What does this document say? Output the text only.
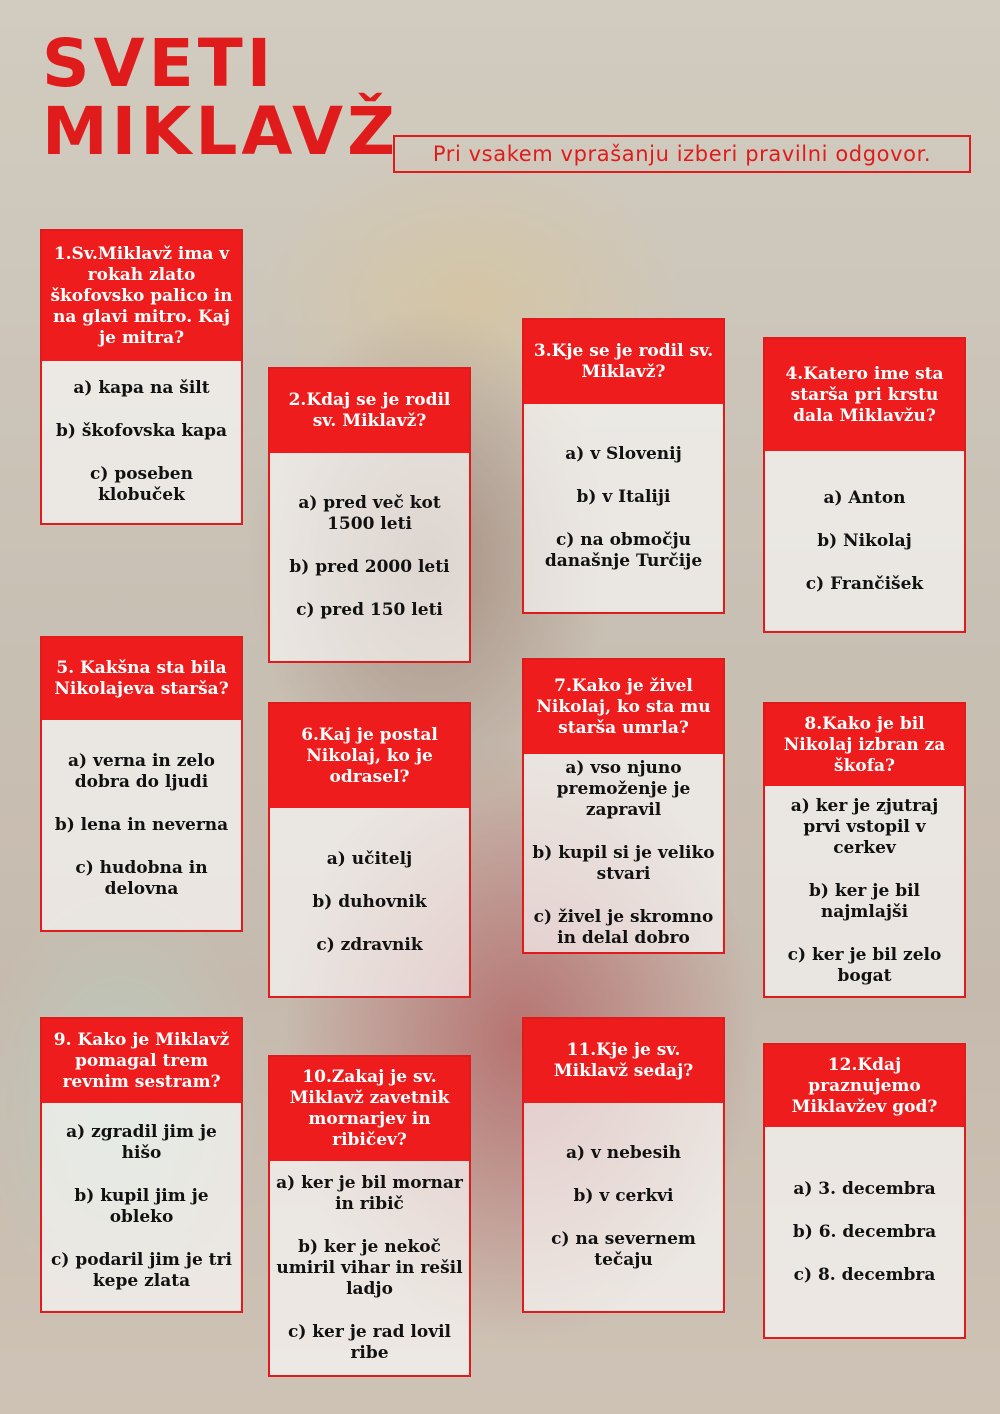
SVETI
MIKLAVŽ	Pri vsakem vprašanju izberi pravilni odgovor.
1.Sv.Miklavž ima v rokah zlato škofovsko palico in na glavi mitro. Kaj je mitra?
a) kapa na šilt
b) škofovska kapa
c) poseben klobuček
2.Kdaj se je rodil sv. Miklavž?
a) pred več kot 1500 leti
b) pred 2000 leti
c) pred 150 leti
3.Kje se je rodil sv. Miklavž?
a) v Slovenij
b) v Italiji
c) na območju današnje Turčije
4.Katero ime sta starša pri krstu dala Miklavžu?
a) Anton
b) Nikolaj
c) Frančišek
5. Kakšna sta bila Nikolajeva starša?
a) verna in zelo dobra do ljudi
b) lena in neverna
c) hudobna in delovna
6.Kaj je postal Nikolaj, ko je odrasel?
a) učitelj
b) duhovnik
c) zdravnik
7.Kako je živel Nikolaj, ko sta mu starša umrla?
a) vso njuno premoženje je zapravil
b) kupil si je veliko stvari
c) živel je skromno in delal dobro
8.Kako je bil Nikolaj izbran za škofa?
a) ker je zjutraj prvi vstopil v cerkev
b) ker je bil najmlajši
c) ker je bil zelo bogat
9. Kako je Miklavž pomagal trem revnim sestram?
a) zgradil jim je hišo
b) kupil jim je obleko
c) podaril jim je tri kepe zlata
10.Zakaj je sv. Miklavž zavetnik mornarjev in ribičev?
a) ker je bil mornar in ribič
b) ker je nekoč umiril vihar in rešil ladjo
c) ker je rad lovil ribe
11.Kje je sv. Miklavž sedaj?
a) v nebesih
b) v cerkvi
c) na severnem tečaju
12.Kdaj praznujemo Miklavžev god?
a) 3. decembra
b) 6. decembra
c) 8. decembra
